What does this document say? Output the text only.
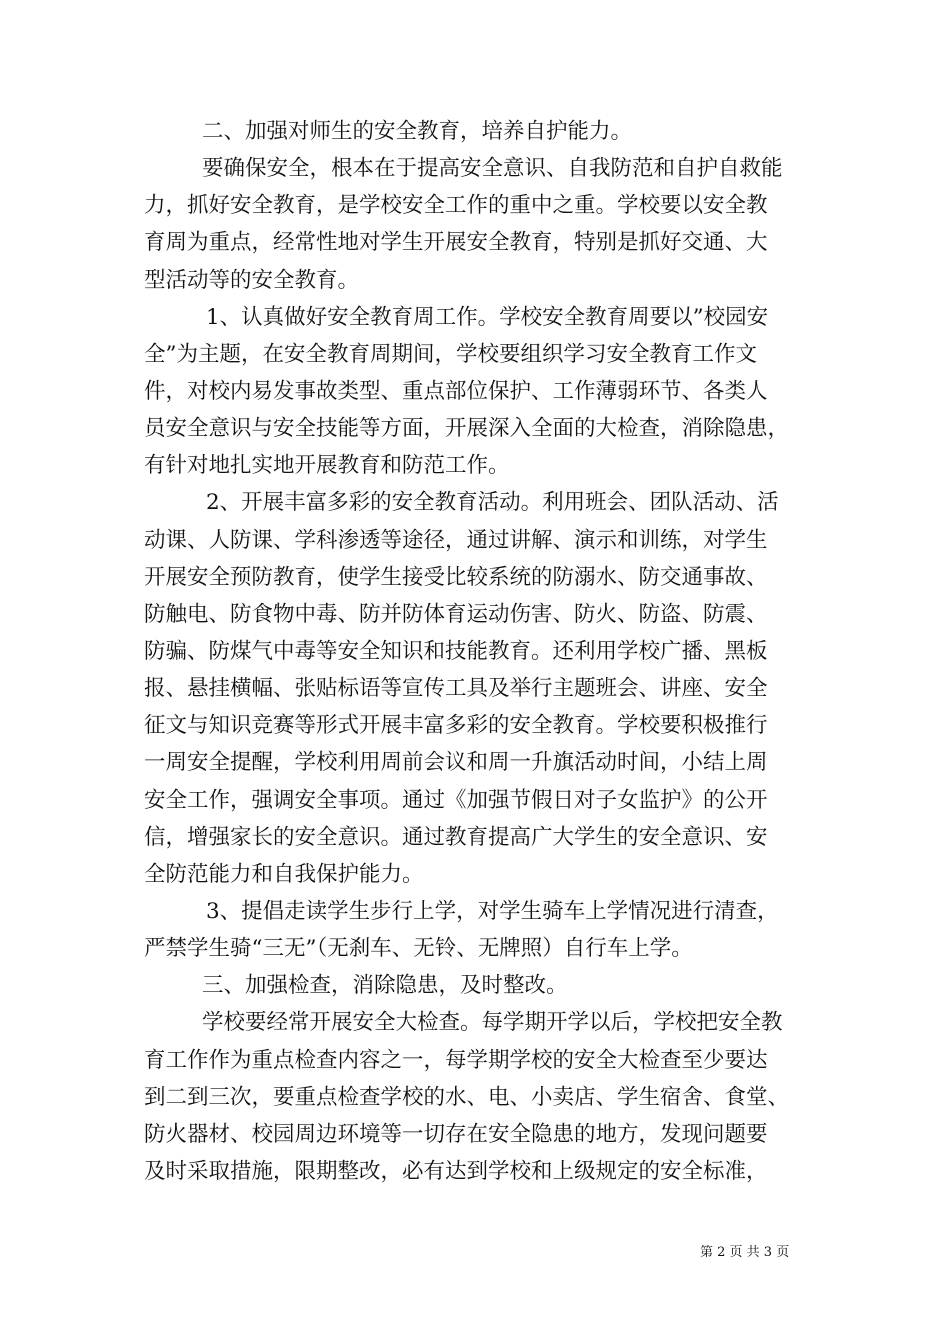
二、加强对师生的安全教育，培养自护能力。
要确保安全，根本在于提高安全意识、自我防范和自护自救能
力，抓好安全教育，是学校安全工作的重中之重。学校要以安全教
育周为重点，经常性地对学生开展安全教育，特别是抓好交通、大
型活动等的安全教育。
1、认真做好安全教育周工作。学校安全教育周要以”校园安
全”为主题，在安全教育周期间，学校要组织学习安全教育工作文
件，对校内易发事故类型、重点部位保护、工作薄弱环节、各类人
员安全意识与安全技能等方面，开展深入全面的大检查，消除隐患，
有针对地扎实地开展教育和防范工作。
2、开展丰富多彩的安全教育活动。利用班会、团队活动、活
动课、人防课、学科渗透等途径，通过讲解、演示和训练，对学生
开展安全预防教育，使学生接受比较系统的防溺水、防交通事故、
防触电、防食物中毒、防并防体育运动伤害、防火、防盗、防震、
防骗、防煤气中毒等安全知识和技能教育。还利用学校广播、黑板
报、悬挂横幅、张贴标语等宣传工具及举行主题班会、讲座、安全
征文与知识竞赛等形式开展丰富多彩的安全教育。学校要积极推行
一周安全提醒，学校利用周前会议和周一升旗活动时间，小结上周
安全工作，强调安全事项。通过《加强节假日对子女监护》的公开
信，增强家长的安全意识。通过教育提高广大学生的安全意识、安
全防范能力和自我保护能力。
3、提倡走读学生步行上学，对学生骑车上学情况进行清查，
严禁学生骑“三无”（无刹车、无铃、无牌照）自行车上学。
三、加强检查，消除隐患，及时整改。
学校要经常开展安全大检查。每学期开学以后，学校把安全教
育工作作为重点检查内容之一，每学期学校的安全大检查至少要达
到二到三次，要重点检查学校的水、电、小卖店、学生宿舍、食堂、
防火器材、校园周边环境等一切存在安全隐患的地方，发现问题要
及时采取措施，限期整改，必有达到学校和上级规定的安全标准，
第 2 页 共 3 页
